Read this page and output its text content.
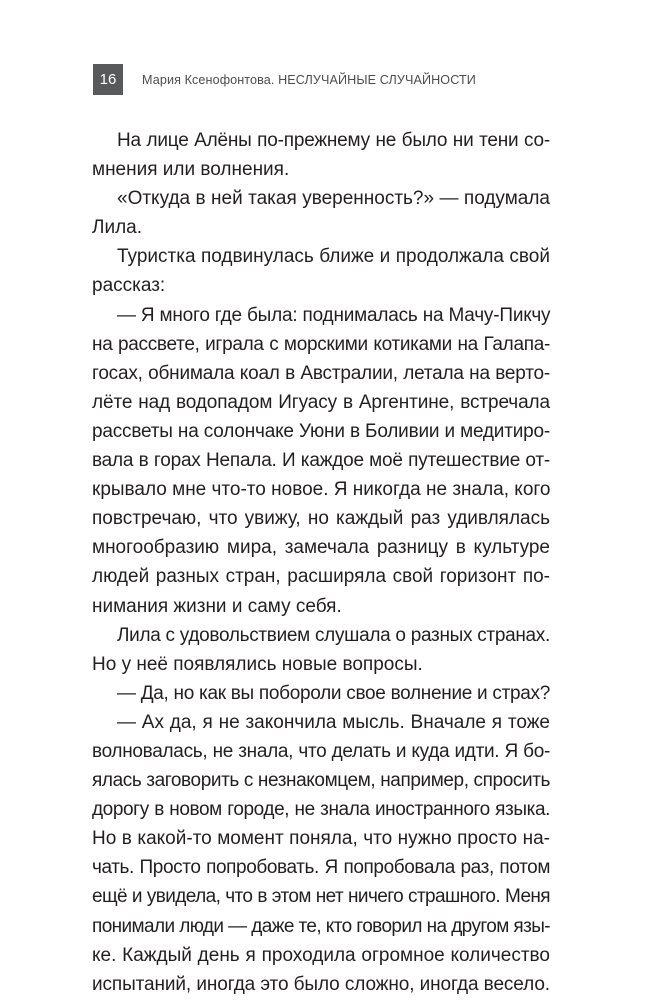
16	Мария Ксенофонтова. НЕСЛУЧАЙНЫЕ СЛУЧАЙНОСТИ
На лице Алёны по-прежнему не было ни тени со-
мнения или волнения.
«Откуда в ней такая уверенность?» — подумала
Лила.
Туристка подвинулась ближе и продолжала свой
рассказ:
— Я много где была: поднималась на Мачу-Пикчу
на рассвете, играла с морскими котиками на Галапа-
госах, обнимала коал в Австралии, летала на верто-
лёте над водопадом Игуасу в Аргентине, встречала
рассветы на солончаке Уюни в Боливии и медитиро-
вала в горах Непала. И каждое моё путешествие от-
крывало мне что-то новое. Я никогда не знала, кого
повстречаю, что увижу, но каждый раз удивлялась
многообразию мира, замечала разницу в культуре
людей разных стран, расширяла свой горизонт по-
нимания жизни и саму себя.
Лила с удовольствием слушала о разных странах.
Но у неё появлялись новые вопросы.
— Да, но как вы побороли свое волнение и страх?
— Ах да, я не закончила мысль. Вначале я тоже
волновалась, не знала, что делать и куда идти. Я бо-
ялась заговорить с незнакомцем, например, спросить
дорогу в новом городе, не знала иностранного языка.
Но в какой-то момент поняла, что нужно просто на-
чать. Просто попробовать. Я попробовала раз, потом
ещё и увидела, что в этом нет ничего страшного. Меня
понимали люди — даже те, кто говорил на другом язы-
ке. Каждый день я проходила огромное количество
испытаний, иногда это было сложно, иногда весело.
